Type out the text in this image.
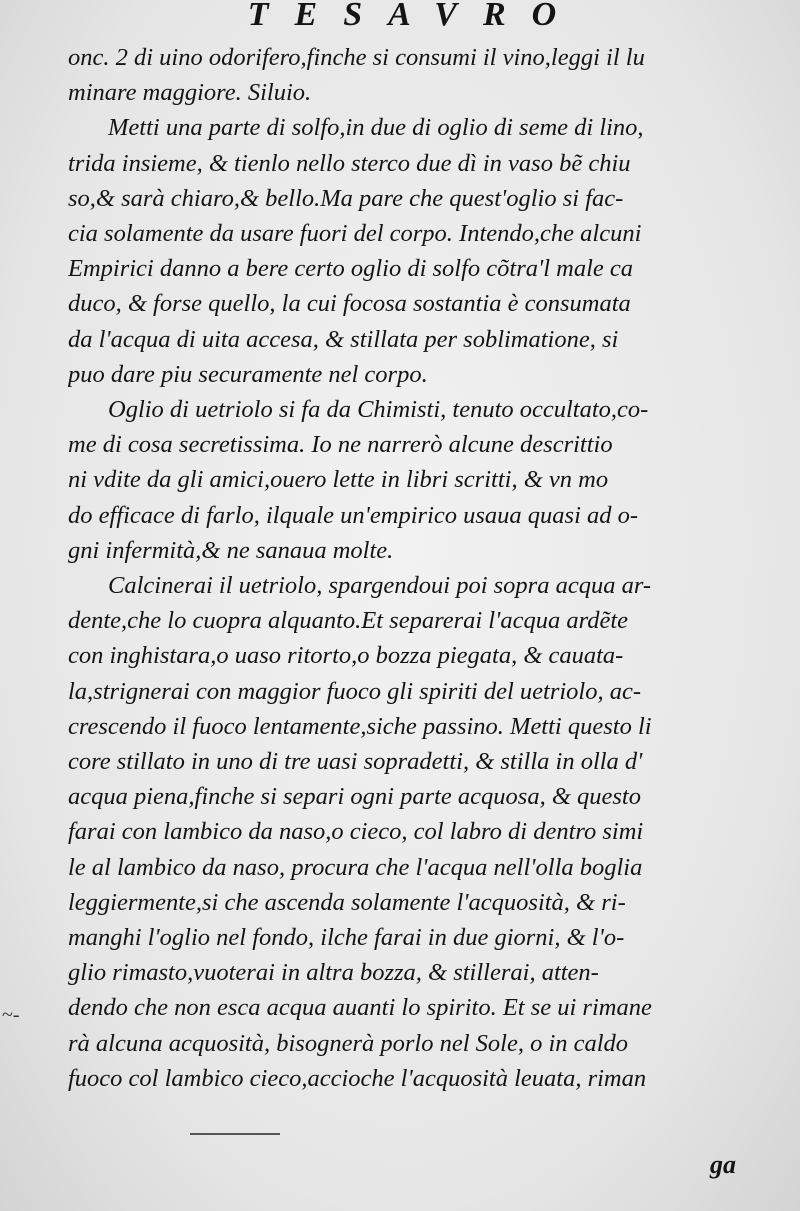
TESAVRO
onc. 2 di uino odorifero,finche si consumi il vino,leggi il lu
minare maggiore. Siluio.
Metti una parte di solfo,in due di oglio di seme di lino,
trida insieme, & tienlo nello sterco due dì in vaso bẽ chiu
so,& sarà chiaro,& bello.Ma pare che quest'oglio si fac-
cia solamente da usare fuori del corpo. Intendo,che alcuni
Empirici danno a bere certo oglio di solfo cõtra'l male ca
duco, & forse quello, la cui focosa sostantia è consumata
da l'acqua di uita accesa, & stillata per soblimatione, si
puo dare piu securamente nel corpo.
Oglio di uetriolo si fa da Chimisti, tenuto occultato,co-
me di cosa secretissima. Io ne narrerò alcune descrittio
ni vdite da gli amici,ouero lette in libri scritti, & vn mo
do efficace di farlo, ilquale un'empirico usaua quasi ad o-
gni infermità,& ne sanaua molte.
Calcinerai il uetriolo, spargendoui poi sopra acqua ar-
dente,che lo cuopra alquanto.Et separerai l'acqua ardẽte
con inghistara,o uaso ritorto,o bozza piegata, & cauata-
la,strignerai con maggior fuoco gli spiriti del uetriolo, ac-
crescendo il fuoco lentamente,siche passino. Metti questo li
core stillato in uno di tre uasi sopradetti, & stilla in olla d'
acqua piena,finche si separi ogni parte acquosa, & questo
farai con lambico da naso,o cieco, col labro di dentro simi
le al lambico da naso, procura che l'acqua nell'olla boglia
leggiermente,si che ascenda solamente l'acquosità, & ri-
manghi l'oglio nel fondo, ilche farai in due giorni, & l'o-
glio rimasto,vuoterai in altra bozza, & stillerai, atten-
dendo che non esca acqua auanti lo spirito. Et se ui rimane
rà alcuna acquosità, bisognerà porlo nel Sole, o in caldo
fuoco col lambico cieco,accioche l'acquosità leuata, riman
~-
ga
